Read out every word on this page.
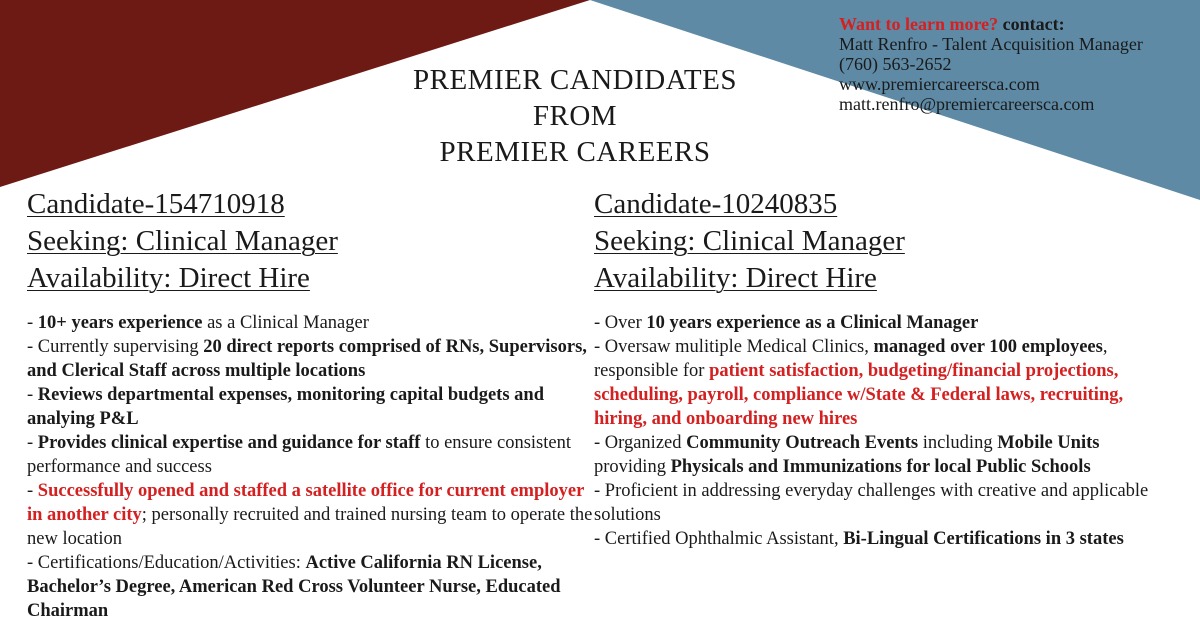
PREMIER CANDIDATES
FROM
PREMIER CAREERS
Want to learn more? contact:
Matt Renfro - Talent Acquisition Manager
(760) 563-2652
www.premiercareersca.com
matt.renfro@premiercareersca.com
Candidate-154710918
Seeking: Clinical Manager
Availability: Direct Hire
Candidate-10240835
Seeking: Clinical Manager
Availability: Direct Hire

- 10+ years experience as a Clinical Manager

- Currently supervising 20 direct reports comprised of RNs, Supervisors, and Clerical Staff across multiple locations

- Reviews departmental expenses, monitoring capital budgets and analying P&L

- Provides clinical expertise and guidance for staff to ensure consistent performance and success

- Successfully opened and staffed a satellite office for current employer in another city; personally recruited and trained nursing team to operate the new location

- Certifications/Education/Activities: Active California RN License, Bachelor’s Degree, American Red Cross Volunteer Nurse, Educated Chairman

- Over 10 years experience as a Clinical Manager

- Oversaw mulitiple Medical Clinics, managed over 100 employees, responsible for patient satisfaction, budgeting/financial projections, scheduling, payroll, compliance w/State & Federal laws, recruiting, hiring, and onboarding new hires

- Organized Community Outreach Events including Mobile Units providing Physicals and Immunizations for local Public Schools

- Proficient in addressing everyday challenges with creative and applicable solutions

- Certified Ophthalmic Assistant, Bi-Lingual Certifications in 3 states
